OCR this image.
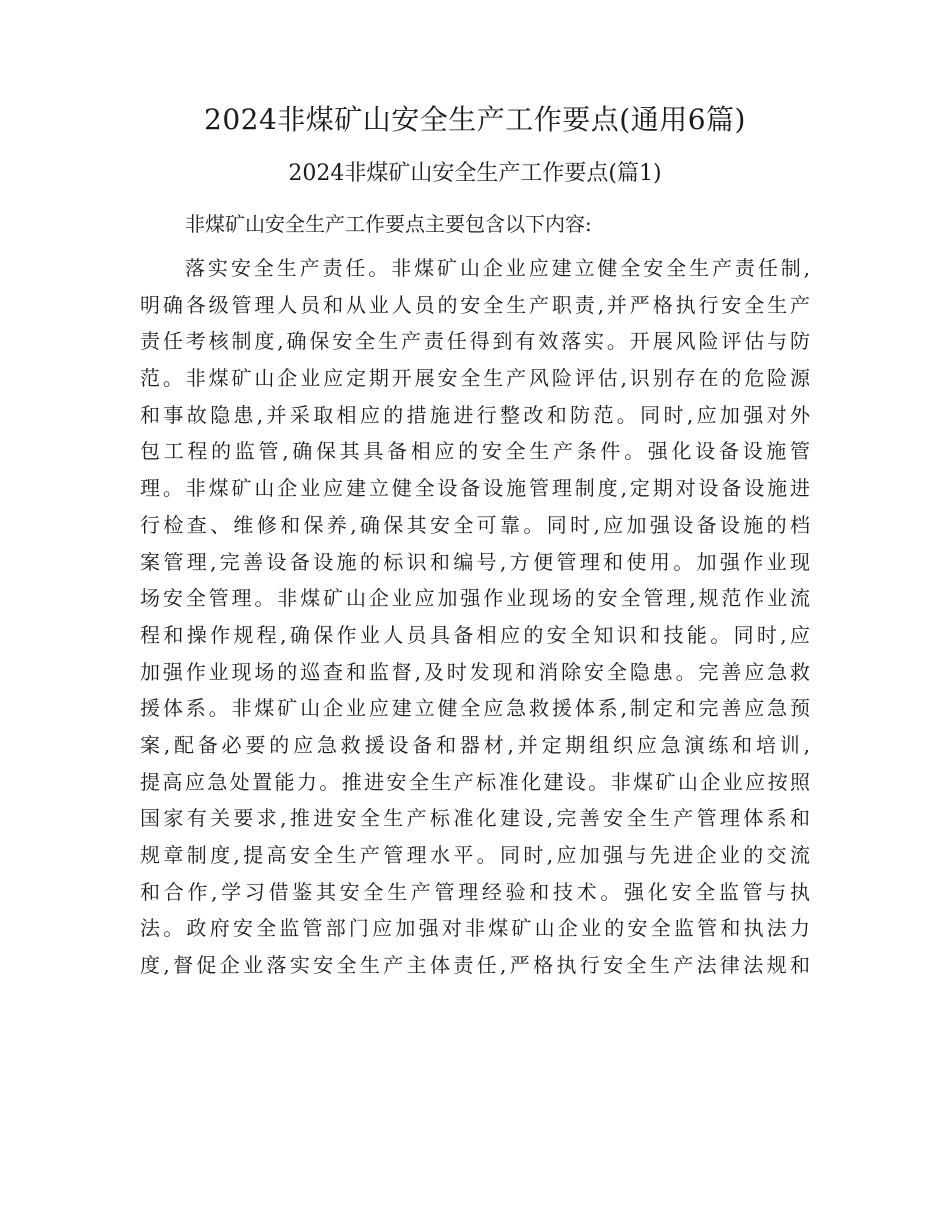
2024非煤矿山安全生产工作要点(通用6篇)
2024非煤矿山安全生产工作要点(篇1)
非煤矿山安全生产工作要点主要包含以下内容:
落实安全生产责任。非煤矿山企业应建立健全安全生产责任制,
明确各级管理人员和从业人员的安全生产职责,并严格执行安全生产
责任考核制度,确保安全生产责任得到有效落实。开展风险评估与防
范。非煤矿山企业应定期开展安全生产风险评估,识别存在的危险源
和事故隐患,并采取相应的措施进行整改和防范。同时,应加强对外
包工程的监管,确保其具备相应的安全生产条件。强化设备设施管
理。非煤矿山企业应建立健全设备设施管理制度,定期对设备设施进
行检查、维修和保养,确保其安全可靠。同时,应加强设备设施的档
案管理,完善设备设施的标识和编号,方便管理和使用。加强作业现
场安全管理。非煤矿山企业应加强作业现场的安全管理,规范作业流
程和操作规程,确保作业人员具备相应的安全知识和技能。同时,应
加强作业现场的巡查和监督,及时发现和消除安全隐患。完善应急救
援体系。非煤矿山企业应建立健全应急救援体系,制定和完善应急预
案,配备必要的应急救援设备和器材,并定期组织应急演练和培训,
提高应急处置能力。推进安全生产标准化建设。非煤矿山企业应按照
国家有关要求,推进安全生产标准化建设,完善安全生产管理体系和
规章制度,提高安全生产管理水平。同时,应加强与先进企业的交流
和合作,学习借鉴其安全生产管理经验和技术。强化安全监管与执
法。政府安全监管部门应加强对非煤矿山企业的安全监管和执法力
度,督促企业落实安全生产主体责任,严格执行安全生产法律法规和
